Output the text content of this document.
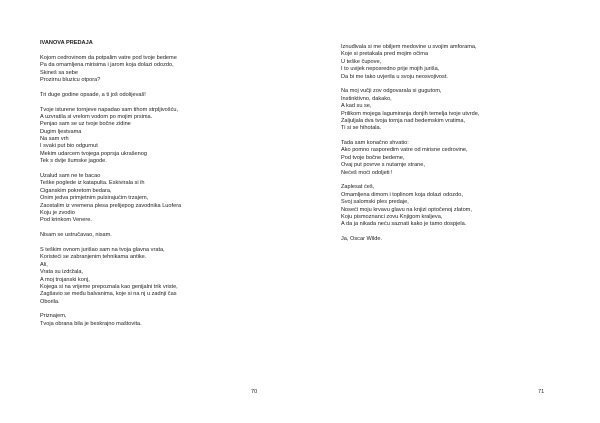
IVANOVA PREDAJA
Kojom cedrovinom da potpalim vatre pod tvoje bedeme
Pa da omamljena mirisima i jarom koja dolazi odozdo,
Skineš sa sebe
Prozirnu bluzicu otpora?
Tri duge godine opsade, a ti još odolijevaš!
Tvoje isturene tornjeve napadao sam tihom strpljivošću,
A uzvratila si vrelom vodom po mojim prsima.
Penjao sam se uz tvoje bočne zidine
Dugim ljestvama
Na sam vrh
I svaki put bio odgurnut
Mekim udarcem tvojega poprsja ukrašenog
Tek s dvije šumske jagode.
Uzalud sam ne te bacao
Teške poglede iz katapulta. Eskivirala si ih
Ciganskim pokretom bedara,
Onim jedva primjetnim pulsirajućim trzajem,
Zaostalim iz vremena plesa prelijepog zavodnika Luofera
Koju je zvodio
Pod krinkom Venere.
Nisam se ustručavao, nisam.
S teškim ovnom jurišao sam na tvoja glavna vrata,
Koristeći se zabranjenim tehnikama antike.
Ali,
Vrata su izdržala,
A moj trojanski konj,
Kojega si na vrijeme prepoznala kao genijalni trik vriste,
Zagšavio se među balvanima, koje si na nj u zadnji čas
Oborila.
Priznajem,
Tvoja obrana bila je beskrajno maštovita.
70
Iznuđivala si me obiljem medovine u svojim amforama,
Koje si pretakala pred mojim očima
U teške čupove,
I to uvijek neposredno prije mojih juriša,
Da bi me tako uvjerila u svoju neosvojivost.
Na moj vučji zov odgovarala si gugutom,
Instinktivno, dakako,
A kad su se,
Prilikom mojega lagumiranja donjih temelja tvoje utvrde,
Zaljuljala dva tvoja tornja nad bedemskim vratima,
Ti si se hihotala.
Tada sam konačno shvatio:
Ako pomno rasporedim vatre od mirisne cedrovine,
Pod tvoje bočne bedeme,
Ovaj put povrve s nutarnje strane,
Nećeš moći odoljeti !
Zaplesat ćeš,
Omamljena dimom i toplinom koja dolazi odozdo,
Svoj salomski ples predaje,
Noseći moju krvavu glavu na knjizi optočenoj zlatom,
Koju pismoznanci zovu Knjigom kraljeva,
A da ja nikada neću saznati kako je tamo dospjela.
Ja, Oscar Wilde.
71
